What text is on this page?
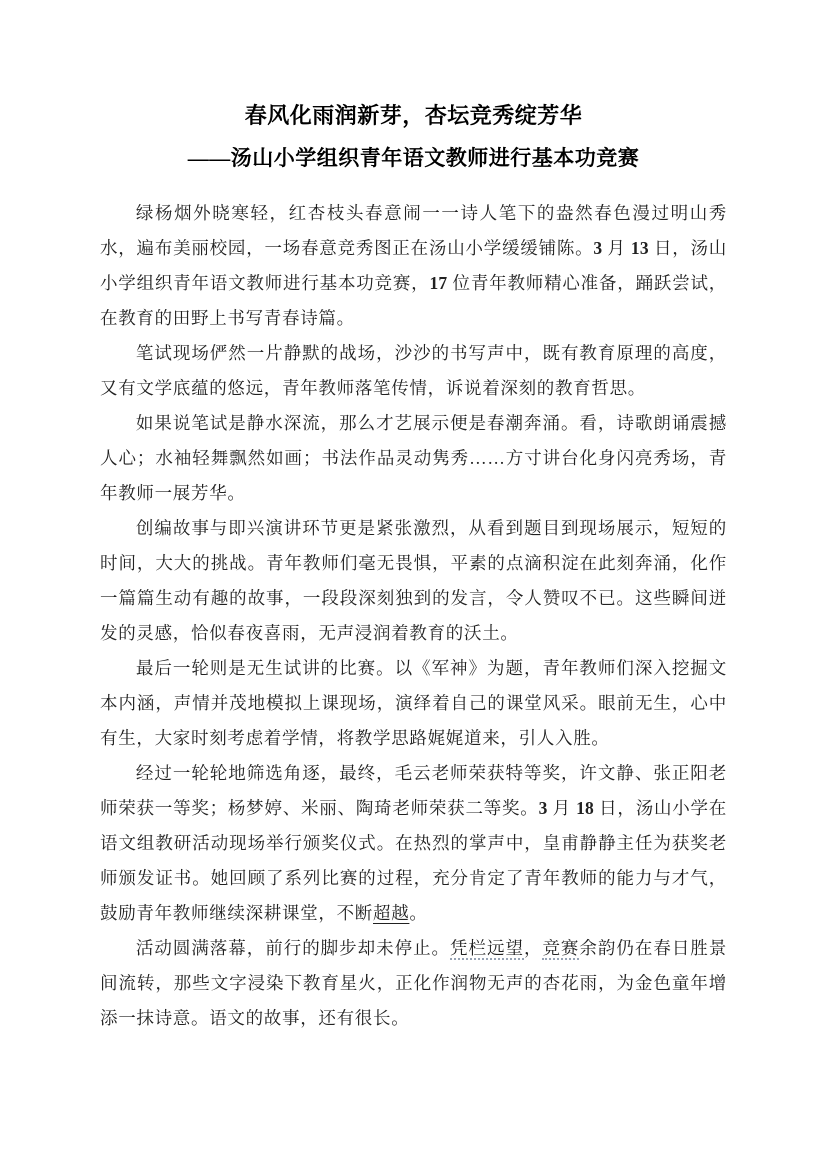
春风化雨润新芽，杏坛竞秀绽芳华
——汤山小学组织青年语文教师进行基本功竞赛

绿杨烟外晓寒轻，红杏枝头春意闹一一诗人笔下的盎然春色漫过明山秀水，遍布美丽校园，一场春意竞秀图正在汤山小学缓缓铺陈。3 月 13 日，汤山小学组织青年语文教师进行基本功竞赛，17 位青年教师精心准备，踊跃尝试，在教育的田野上书写青春诗篇。

笔试现场俨然一片静默的战场，沙沙的书写声中，既有教育原理的高度，又有文学底蕴的悠远，青年教师落笔传情，诉说着深刻的教育哲思。

如果说笔试是静水深流，那么才艺展示便是春潮奔涌。看，诗歌朗诵震撼人心；水袖轻舞飘然如画；书法作品灵动隽秀……方寸讲台化身闪亮秀场，青年教师一展芳华。

创编故事与即兴演讲环节更是紧张激烈，从看到题目到现场展示，短短的时间，大大的挑战。青年教师们毫无畏惧，平素的点滴积淀在此刻奔涌，化作一篇篇生动有趣的故事，一段段深刻独到的发言，令人赞叹不已。这些瞬间迸发的灵感，恰似春夜喜雨，无声浸润着教育的沃土。

最后一轮则是无生试讲的比赛。以《军神》为题，青年教师们深入挖掘文本内涵，声情并茂地模拟上课现场，演绎着自己的课堂风采。眼前无生，心中有生，大家时刻考虑着学情，将教学思路娓娓道来，引人入胜。

经过一轮轮地筛选角逐，最终，毛云老师荣获特等奖，许文静、张正阳老师荣获一等奖；杨梦婷、米丽、陶琦老师荣获二等奖。3 月 18 日，汤山小学在语文组教研活动现场举行颁奖仪式。在热烈的掌声中，皇甫静静主任为获奖老师颁发证书。她回顾了系列比赛的过程，充分肯定了青年教师的能力与才气，鼓励青年教师继续深耕课堂，不断超越。

活动圆满落幕，前行的脚步却未停止。凭栏远望，竞赛余韵仍在春日胜景间流转，那些文字浸染下教育星火，正化作润物无声的杏花雨，为金色童年增添一抹诗意。语文的故事，还有很长。
